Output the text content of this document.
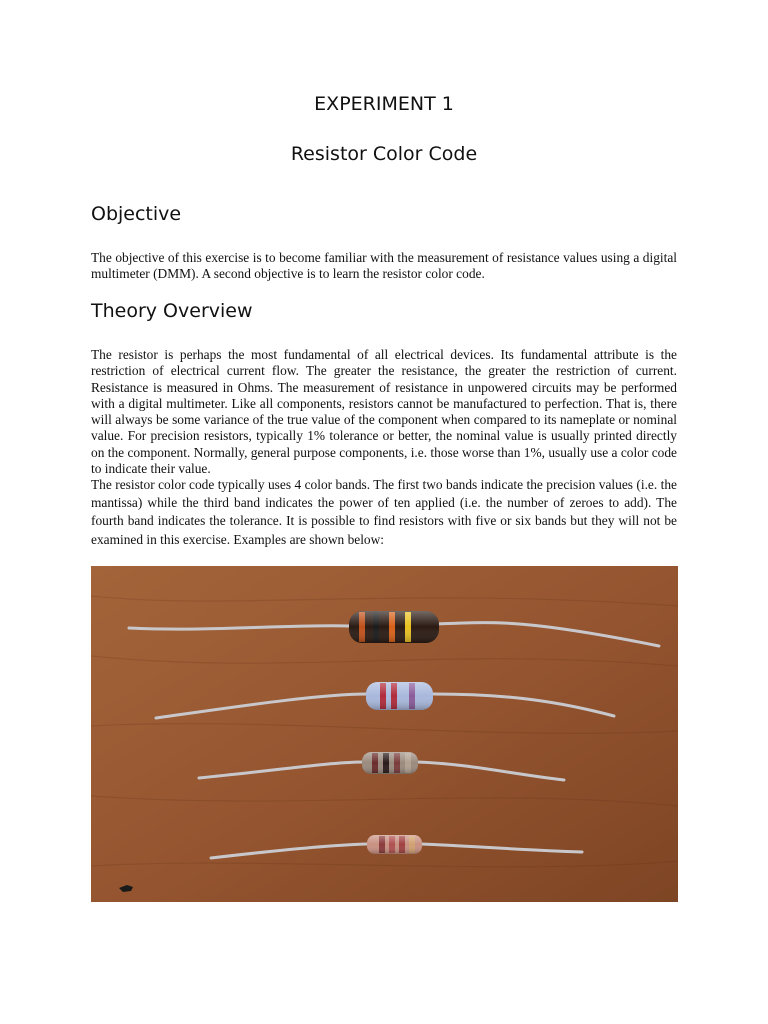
EXPERIMENT 1
Resistor Color Code
Objective
The objective of this exercise is to become familiar with the measurement of resistance values using a digital multimeter (DMM). A second objective is to learn the resistor color code.
Theory Overview
The resistor is perhaps the most fundamental of all electrical devices. Its fundamental attribute is the restriction of electrical current flow. The greater the resistance, the greater the restriction of current. Resistance is measured in Ohms. The measurement of resistance in unpowered circuits may be performed with a digital multimeter. Like all components, resistors cannot be manufactured to perfection. That is, there will always be some variance of the true value of the component when compared to its nameplate or nominal value. For precision resistors, typically 1% tolerance or better, the nominal value is usually printed directly on the component. Normally, general purpose components, i.e. those worse than 1%, usually use a color code to indicate their value.
The resistor color code typically uses 4 color bands. The first two bands indicate the precision values (i.e. the mantissa) while the third band indicates the power of ten applied (i.e. the number of zeroes to add). The fourth band indicates the tolerance. It is possible to find resistors with five or six bands but they will not be examined in this exercise. Examples are shown below:
